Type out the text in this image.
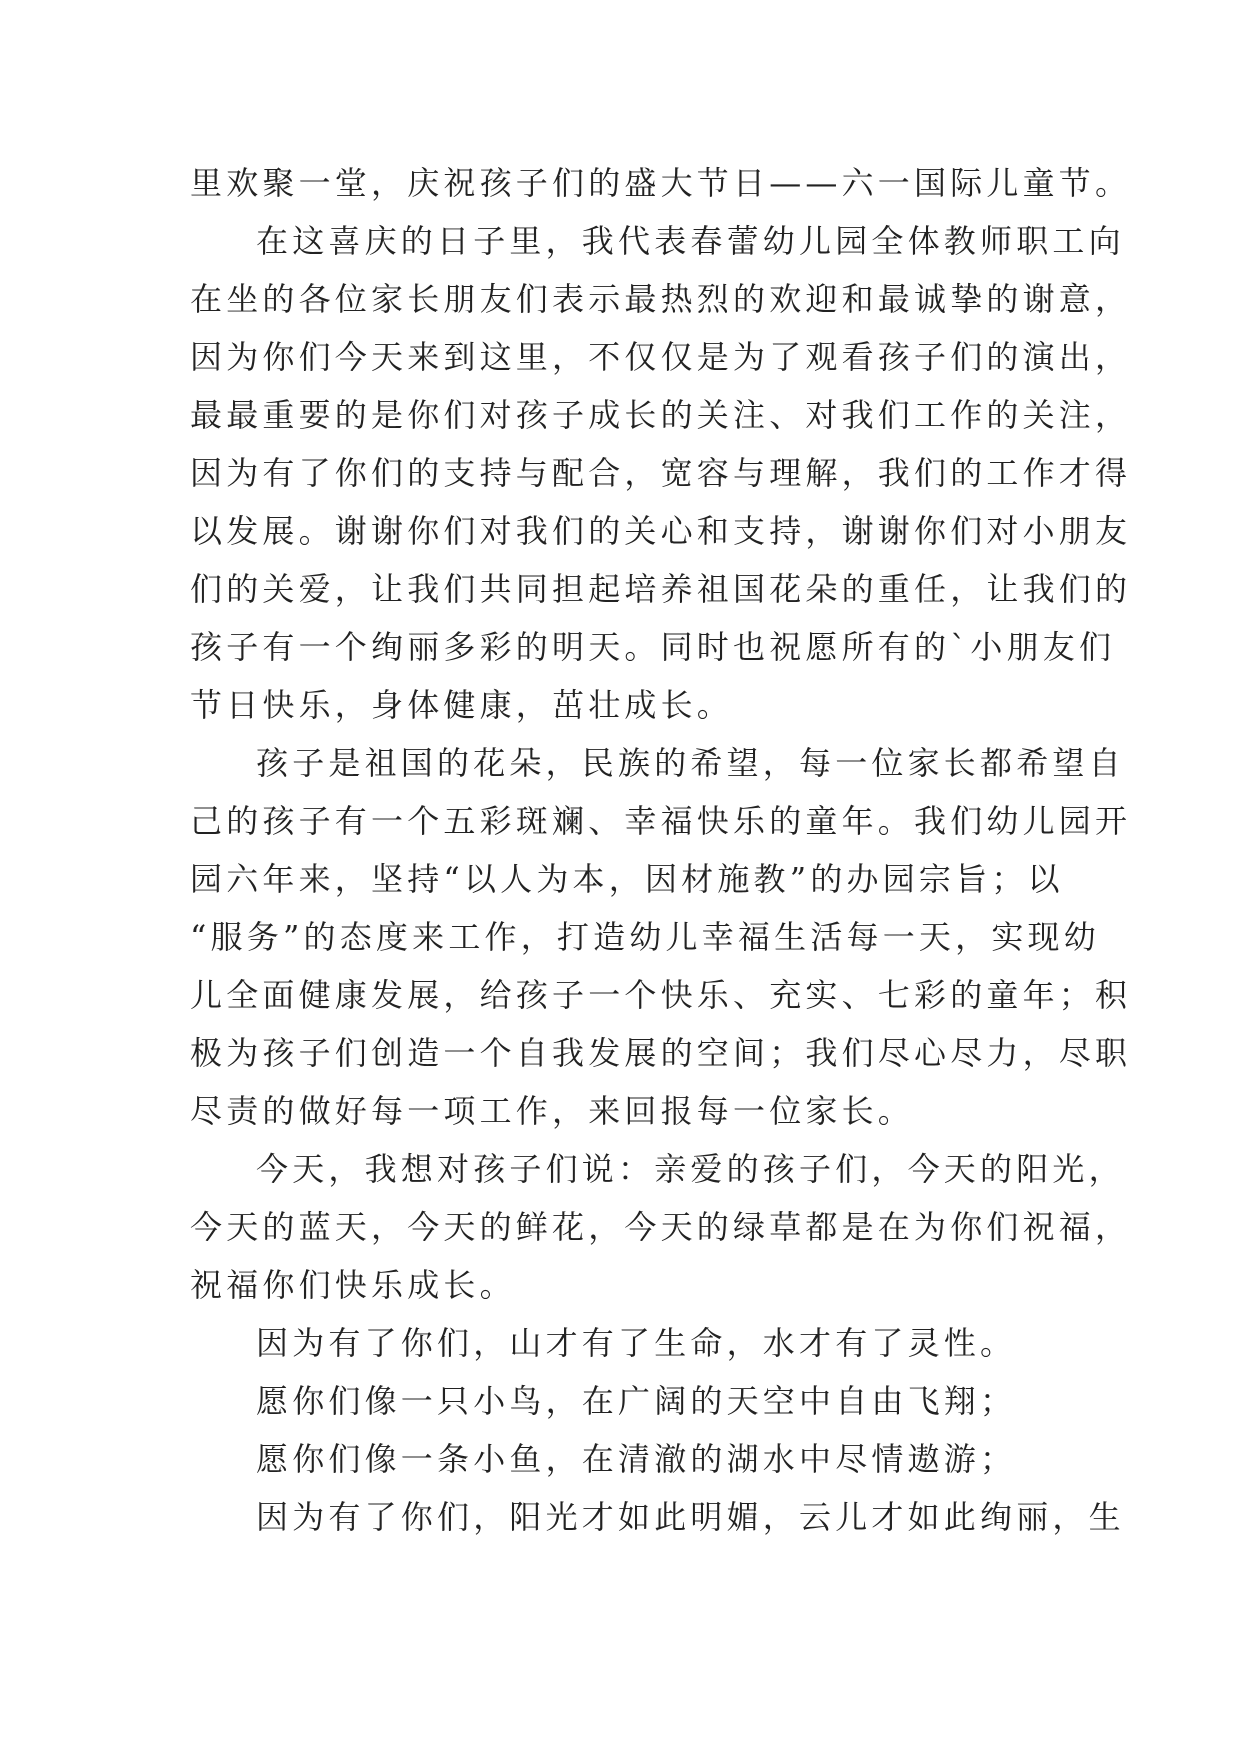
里欢聚一堂，庆祝孩子们的盛大节日——六一国际儿童节。
在这喜庆的日子里，我代表春蕾幼儿园全体教师职工向
在坐的各位家长朋友们表示最热烈的欢迎和最诚挚的谢意，
因为你们今天来到这里，不仅仅是为了观看孩子们的演出，
最最重要的是你们对孩子成长的关注、对我们工作的关注，
因为有了你们的支持与配合，宽容与理解，我们的工作才得
以发展。谢谢你们对我们的关心和支持，谢谢你们对小朋友
们的关爱，让我们共同担起培养祖国花朵的重任，让我们的
孩子有一个绚丽多彩的明天。同时也祝愿所有的`小朋友们
节日快乐，身体健康，茁壮成长。
孩子是祖国的花朵，民族的希望，每一位家长都希望自
己的孩子有一个五彩斑斓、幸福快乐的童年。我们幼儿园开
园六年来，坚持“以人为本，因材施教”的办园宗旨；以
“服务”的态度来工作，打造幼儿幸福生活每一天，实现幼
儿全面健康发展，给孩子一个快乐、充实、七彩的童年；积
极为孩子们创造一个自我发展的空间；我们尽心尽力，尽职
尽责的做好每一项工作，来回报每一位家长。
今天，我想对孩子们说：亲爱的孩子们，今天的阳光，
今天的蓝天，今天的鲜花，今天的绿草都是在为你们祝福，
祝福你们快乐成长。
因为有了你们，山才有了生命，水才有了灵性。
愿你们像一只小鸟，在广阔的天空中自由飞翔；
愿你们像一条小鱼，在清澈的湖水中尽情遨游；
因为有了你们，阳光才如此明媚，云儿才如此绚丽，生
